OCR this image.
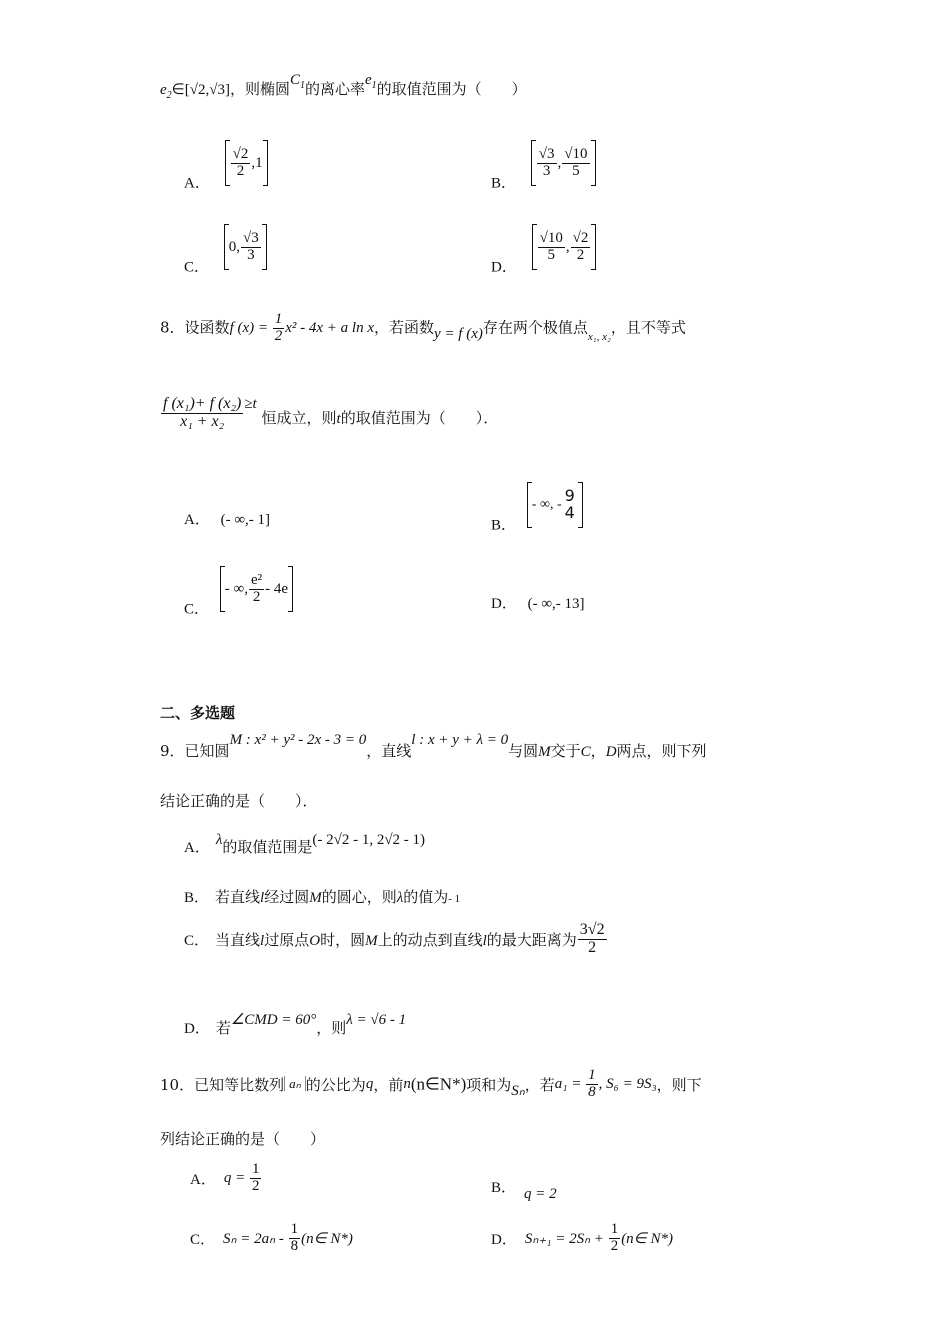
$e_2\in[√2,√3]$，则椭圆$C_1$的离心率$e_1$的取值范围为（　　）
A．
$\frac{√2}{2} ,1$
B．
$\frac{√3}{3}$ , $\frac{√10}{5}$
C．
0, $\frac{√3}{3}$
D．
$\frac{√10}{5}$ , $\frac{√2}{2}$
8．设函数f $(x) = \frac{1}{2} x^2 - 4x + a$ ln x，若函数y = f (x)存在两个极值点$_{x_1, x_2}$，且不等式
$\frac{\text{f (x₁)+ f (x₂)}}{\text{x₁ + x₂}} \ge t$ 恒成立，则t的取值范围为（　　）．
A． (- ∞,- 1]	B．
- ∞, - 9
4
C．
- ∞, $\frac{\text{e²}}{2} - 4e$
D． (- ∞,- 13]
二、多选题
9．已知圆M : x² + y² - 2x - 3 = 0，直线l : x + y + λ = 0与圆M交于C，D两点，则下列
结论正确的是（　　）．
A． λ的取值范围是(- 2√2 - 1, 2√2 - 1)
B． 若直线l经过圆M的圆心，则λ的值为- 1
C． 当直线l过原点O时，圆M上的动点到直线l的最大距离为 $\frac{3√2}{2}$
D． 若∠CMD = 60°，则λ = √6 - 1
10．已知等比数列 aₙ 的公比为q，前n(n∈N*)项和为Sₙ，若$a_1 = \frac{1}{8}$ , S₆ = 9S₃，则下
列结论正确的是（　　）
A． $q = \frac{1}{2}$	B． q = 2
C． $S_n = 2a_n - \frac{1}{8}$ (n∈ N*)	D． $S_{n+1} = 2S_n + \frac{1}{2}$ (n∈ N*)
